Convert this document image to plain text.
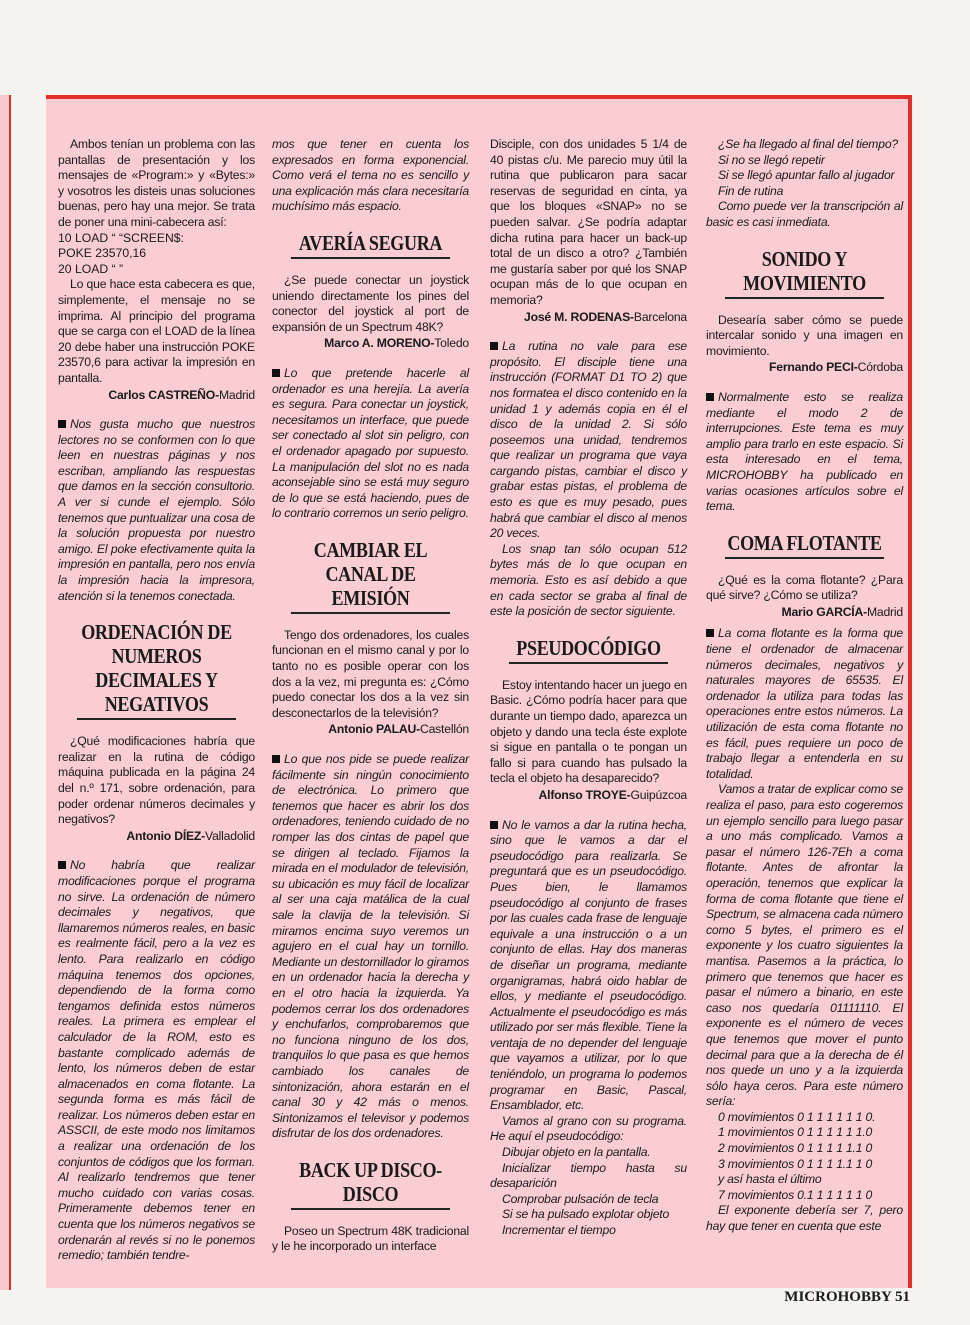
Ambos tenían un problema con las pantallas de presentación y los mensajes de «Program:» y «Bytes:» y vosotros les disteis unas soluciones buenas, pero hay una mejor. Se trata de poner una mini-cabecera así:

10 LOAD “ “SCREEN$:

POKE 23570,16

20 LOAD “ ”

Lo que hace esta cabecera es que, simplemente, el mensaje no se imprima. Al principio del programa que se carga con el LOAD de la línea 20 debe haber una instrucción POKE 23570,6 para activar la impresión en pantalla.

Carlos CASTREÑO-Madrid

Nos gusta mucho que nuestros lectores no se conformen con lo que leen en nuestras páginas y nos escriban, ampliando las respuestas que damos en la sección consultorio. A ver si cunde el ejemplo. Sólo tenemos que puntualizar una cosa de la solución propuesta por nuestro amigo. El poke efectivamente quita la impresión en pantalla, pero nos envía la impresión hacia la impresora, atención si la tenemos conectada.

ORDENACIÓN DE NUMEROS DECIMALES Y NEGATIVOS

¿Qué modificaciones habría que realizar en la rutina de código máquina publicada en la página 24 del n.º 171, sobre ordenación, para poder ordenar números decimales y negativos?

Antonio DÍEZ-Valladolid

No habría que realizar modificaciones porque el programa no sirve. La ordenación de número decimales y negativos, que llamaremos números reales, en basic es realmente fácil, pero a la vez es lento. Para realizarlo en código máquina tenemos dos opciones, dependiendo de la forma como tengamos definida estos números reales. La primera es emplear el calculador de la ROM, esto es bastante complicado además de lento, los números deben de estar almacenados en coma flotante. La segunda forma es más fácil de realizar. Los números deben estar en ASSCII, de este modo nos limitamos a realizar una ordenación de los conjuntos de códigos que los forman. Al realizarlo tendremos que tener mucho cuidado con varias cosas. Primeramente debemos tener en cuenta que los números negativos se ordenarán al revés si no le ponemos remedio; también tendre-

mos que tener en cuenta los expresados en forma exponencial. Como verá el tema no es sencillo y una explicación más clara necesitaría muchísimo más espacio.

AVERÍA SEGURA

¿Se puede conectar un joystick uniendo directamente los pines del conector del joystick al port de expansión de un Spectrum 48K?

Marco A. MORENO-Toledo

Lo que pretende hacerle al ordenador es una herejía. La avería es segura. Para conectar un joystick, necesitamos un interface, que puede ser conectado al slot sin peligro, con el ordenador apagado por supuesto. La manipulación del slot no es nada aconsejable sino se está muy seguro de lo que se está haciendo, pues de lo contrario corremos un serio peligro.

CAMBIAR EL CANAL DE EMISIÓN

Tengo dos ordenadores, los cuales funcionan en el mismo canal y por lo tanto no es posible operar con los dos a la vez, mi pregunta es: ¿Cómo puedo conectar los dos a la vez sin desconectarlos de la televisión?

Antonio PALAU-Castellón

Lo que nos pide se puede realizar fácilmente sin ningún conocimiento de electrónica. Lo primero que tenemos que hacer es abrir los dos ordenadores, teniendo cuidado de no romper las dos cintas de papel que se dirigen al teclado. Fijamos la mirada en el modulador de televisión, su ubicación es muy fácil de localizar al ser una caja matálica de la cual sale la clavija de la televisión. Si miramos encima suyo veremos un agujero en el cual hay un tornillo. Mediante un destornillador lo giramos en un ordenador hacia la derecha y en el otro hacia la izquierda. Ya podemos cerrar los dos ordenadores y enchufarlos, comprobaremos que no funciona ninguno de los dos, tranquilos lo que pasa es que hemos cambiado los canales de sintonización, ahora estarán en el canal 30 y 42 más o menos. Sintonizamos el televisor y podemos disfrutar de los dos ordenadores.

BACK UP DISCO-DISCO

Poseo un Spectrum 48K tradicional y le he incorporado un interface

Disciple, con dos unidades 5 1/4 de 40 pistas c/u. Me parecio muy útil la rutina que publicaron para sacar reservas de seguridad en cinta, ya que los bloques «SNAP» no se pueden salvar. ¿Se podría adaptar dicha rutina para hacer un back-up total de un disco a otro? ¿También me gustaría saber por qué los SNAP ocupan más de lo que ocupan en memoria?

José M. RODENAS-Barcelona

La rutina no vale para ese propósito. El disciple tiene una instrucción (FORMAT D1 TO 2) que nos formatea el disco contenido en la unidad 1 y además copia en él el disco de la unidad 2. Si sólo poseemos una unidad, tendremos que realizar un programa que vaya cargando pistas, cambiar el disco y grabar estas pistas, el problema de esto es que es muy pesado, pues habrá que cambiar el disco al menos 20 veces.

Los snap tan sólo ocupan 512 bytes más de lo que ocupan en memoria. Esto es así debido a que en cada sector se graba al final de este la posición de sector siguiente.

PSEUDOCÓDIGO

Estoy intentando hacer un juego en Basic. ¿Cómo podría hacer para que durante un tiempo dado, aparezca un objeto y dando una tecla éste explote si sigue en pantalla o te pongan un fallo si para cuando has pulsado la tecla el objeto ha desaparecido?

Alfonso TROYE-Guipúzcoa

No le vamos a dar la rutina hecha, sino que le vamos a dar el pseudocódigo para realizarla. Se preguntará que es un pseudocódigo. Pues bien, le llamamos pseudocódigo al conjunto de frases por las cuales cada frase de lenguaje equivale a una instrucción o a un conjunto de ellas. Hay dos maneras de diseñar un programa, mediante organigramas, habrá oido hablar de ellos, y mediante el pseudocódigo. Actualmente el pseudocódigo es más utilizado por ser más flexible. Tiene la ventaja de no depender del lenguaje que vayamos a utilizar, por lo que teniéndolo, un programa lo podemos programar en Basic, Pascal, Ensamblador, etc.

Vamos al grano con su programa. He aquí el pseudocódigo:

Dibujar objeto en la pantalla.

Inicializar tiempo hasta su desaparición

Comprobar pulsación de tecla

Si se ha pulsado explotar objeto

Incrementar el tiempo

¿Se ha llegado al final del tiempo?

Si no se llegó repetir

Si se llegó apuntar fallo al jugador

Fin de rutina

Como puede ver la transcripción al basic es casi inmediata.

SONIDO Y MOVIMIENTO

Desearía saber cómo se puede intercalar sonido y una imagen en movimiento.

Fernando PECI-Córdoba

Normalmente esto se realiza mediante el modo 2 de interrupciones. Este tema es muy amplio para trarlo en este espacio. Si esta interesado en el tema, MICROHOBBY ha publicado en varias ocasiones artículos sobre el tema.

COMA FLOTANTE

¿Qué es la coma flotante? ¿Para qué sirve? ¿Cómo se utiliza?

Mario GARCÍA-Madrid

La coma flotante es la forma que tiene el ordenador de almacenar números decimales, negativos y naturales mayores de 65535. El ordenador la utiliza para todas las operaciones entre estos números. La utilización de esta coma flotante no es fácil, pues requiere un poco de trabajo llegar a entenderla en su totalidad.

Vamos a tratar de explicar como se realiza el paso, para esto cogeremos un ejemplo sencillo para luego pasar a uno más complicado. Vamos a pasar el número 126-7Eh a coma flotante. Antes de afrontar la operación, tenemos que explicar la forma de coma flotante que tiene el Spectrum, se almacena cada número como 5 bytes, el primero es el exponente y los cuatro siguientes la mantisa. Pasemos a la práctica, lo primero que tenemos que hacer es pasar el número a binario, en este caso nos quedaría 01111110. El exponente es el número de veces que tenemos que mover el punto decimal para que a la derecha de él nos quede un uno y a la izquierda sólo haya ceros. Para este número sería:

0 movimientos 0 1 1 1 1 1 1 0.

1 movimientos 0 1 1 1 1 1 1.0

2 movimientos 0 1 1 1 1 1.1 0

3 movimientos 0 1 1 1 1.1 1 0

y así hasta el último

7 movimientos 0.1 1 1 1 1 1 0

El exponente debería ser 7, pero hay que tener en cuenta que este

MICROHOBBY 51
